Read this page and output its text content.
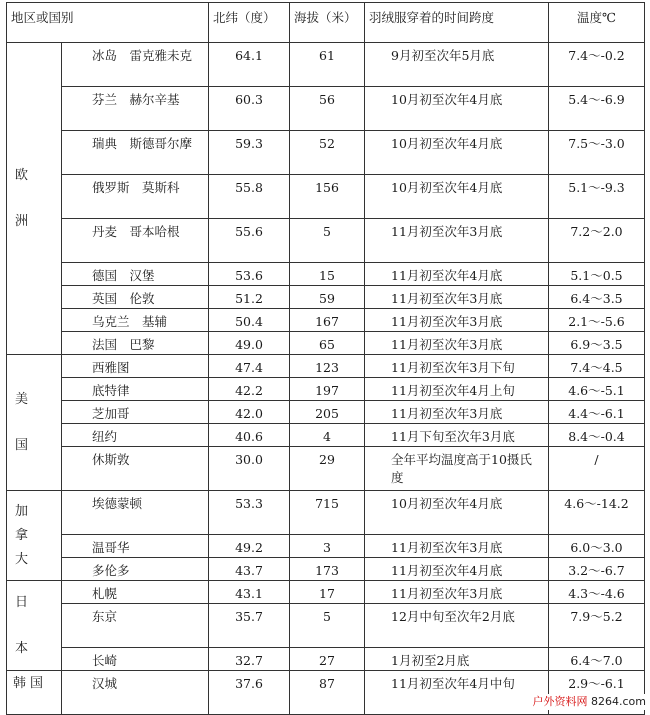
地区或国别		北纬（度）	海拔（米）	羽绒服穿着的时间跨度	温度℃

欧
洲	冰岛　雷克雅未克	64.1	61	9月初至次年5月底	7.4～-0.2
	芬兰　赫尔辛基	60.3	56	10月初至次年4月底	5.4～-6.9
	瑞典　斯德哥尔摩	59.3	52	10月初至次年4月底	7.5～-3.0
	俄罗斯　莫斯科	55.8	156	10月初至次年4月底	5.1～-9.3
	丹麦　哥本哈根	55.6	5	11月初至次年3月底	7.2～2.0
	德国　汉堡	53.6	15	11月初至次年4月底	5.1～0.5
	英国　伦敦	51.2	59	11月初至次年3月底	6.4～3.5
	乌克兰　基辅	50.4	167	11月初至次年3月底	2.1～-5.6
	法国　巴黎	49.0	65	11月初至次年3月底	6.9～3.5

美
国	西雅图	47.4	123	11月初至次年3月下旬	7.4～4.5
	底特律	42.2	197	11月初至次年4月上旬	4.6～-5.1
	芝加哥	42.0	205	11月初至次年3月底	4.4～-6.1
	纽约	40.6	4	11月下旬至次年3月底	8.4～-0.4
	休斯敦	30.0	29	全年平均温度高于10摄氏度	/

加
拿
大	埃德蒙顿	53.3	715	10月初至次年4月底	4.6～-14.2
	温哥华	49.2	3	11月初至次年3月底	6.0～3.0
	多伦多	43.7	173	11月初至次年4月底	3.2～-6.7

日
本	札幌	43.1	17	11月初至次年3月底	4.3～-4.6
	东京	35.7	5	12月中旬至次年2月底	7.9～5.2
	长崎	32.7	27	1月初至2月底	6.4～7.0

韩国	汉城	37.6	87	11月初至次年4月中旬	2.9～-6.1
户外资料网 8264.com
